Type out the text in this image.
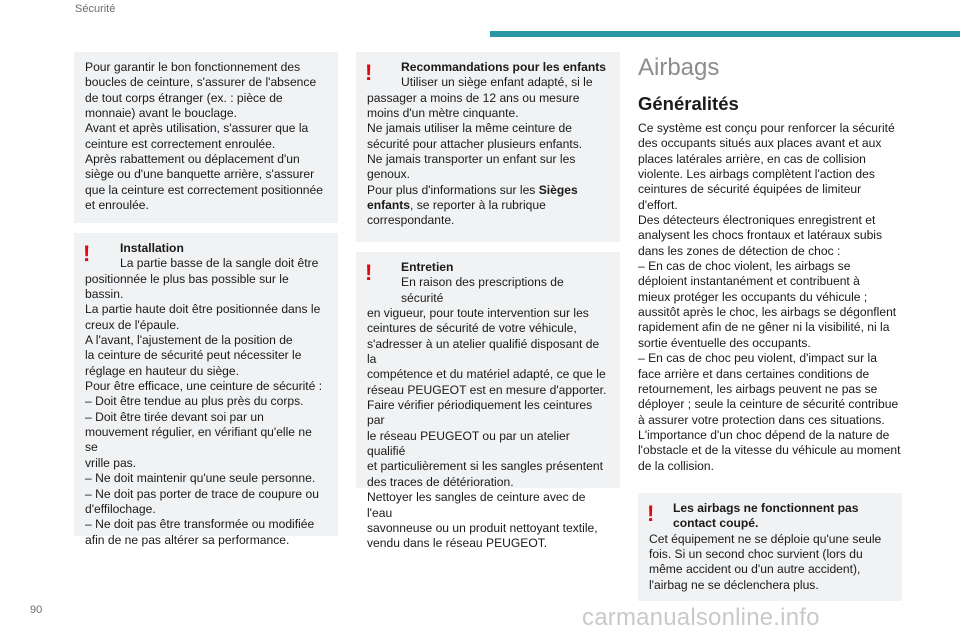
Sécurité
90	carmanualsonline.info

Pour garantir le bon fonctionnement des

boucles de ceinture, s'assurer de l'absence

de tout corps étranger (ex. : pièce de

monnaie) avant le bouclage.

Avant et après utilisation, s'assurer que la

ceinture est correctement enroulée.

Après rabattement ou déplacement d'un

siège ou d'une banquette arrière, s'assurer

que la ceinture est correctement positionnée

et enroulée.

!	Installation

La partie basse de la sangle doit être

positionnée le plus bas possible sur le bassin.

La partie haute doit être positionnée dans le

creux de l'épaule.

A l'avant, l'ajustement de la position de

la ceinture de sécurité peut nécessiter le

réglage en hauteur du siège.

Pour être efficace, une ceinture de sécurité :

– Doit être tendue au plus près du corps.

– Doit être tirée devant soi par un

mouvement régulier, en vérifiant qu'elle ne se

vrille pas.

– Ne doit maintenir qu'une seule personne.

– Ne doit pas porter de trace de coupure ou

d'effilochage.

– Ne doit pas être transformée ou modifiée

afin de ne pas altérer sa performance.

!	Recommandations pour les enfants

Utiliser un siège enfant adapté, si le

passager a moins de 12 ans ou mesure

moins d'un mètre cinquante.

Ne jamais utiliser la même ceinture de

sécurité pour attacher plusieurs enfants.

Ne jamais transporter un enfant sur les

genoux.

Pour plus d'informations sur les Sièges

enfants, se reporter à la rubrique

correspondante.

!	Entretien

En raison des prescriptions de sécurité

en vigueur, pour toute intervention sur les

ceintures de sécurité de votre véhicule,

s'adresser à un atelier qualifié disposant de la

compétence et du matériel adapté, ce que le

réseau PEUGEOT est en mesure d'apporter.

Faire vérifier périodiquement les ceintures par

le réseau PEUGEOT ou par un atelier qualifié

et particulièrement si les sangles présentent

des traces de détérioration.

Nettoyer les sangles de ceinture avec de l'eau

savonneuse ou un produit nettoyant textile,

vendu dans le réseau PEUGEOT.

Airbags
Généralités

Ce système est conçu pour renforcer la sécurité

des occupants situés aux places avant et aux

places latérales arrière, en cas de collision

violente. Les airbags complètent l'action des

ceintures de sécurité équipées de limiteur

d'effort.

Des détecteurs électroniques enregistrent et

analysent les chocs frontaux et latéraux subis

dans les zones de détection de choc :

– En cas de choc violent, les airbags se

déploient instantanément et contribuent à

mieux protéger les occupants du véhicule ;

aussitôt après le choc, les airbags se dégonflent

rapidement afin de ne gêner ni la visibilité, ni la

sortie éventuelle des occupants.

– En cas de choc peu violent, d'impact sur la

face arrière et dans certaines conditions de

retournement, les airbags peuvent ne pas se

déployer ; seule la ceinture de sécurité contribue

à assurer votre protection dans ces situations.

L'importance d'un choc dépend de la nature de

l'obstacle et de la vitesse du véhicule au moment

de la collision.

!	Les airbags ne fonctionnent pas

contact coupé.

Cet équipement ne se déploie qu'une seule

fois. Si un second choc survient (lors du

même accident ou d'un autre accident),

l'airbag ne se déclenchera plus.
